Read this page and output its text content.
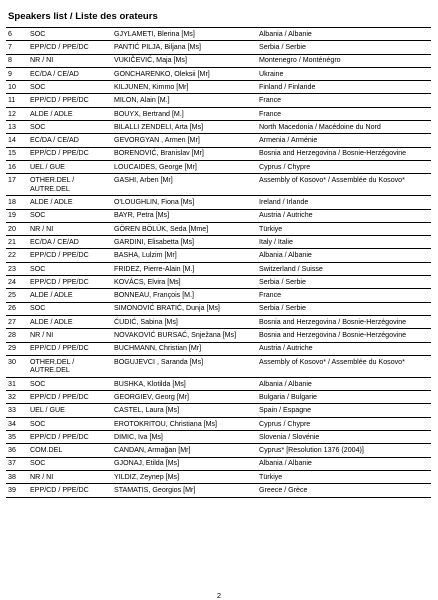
Speakers list / Liste des orateurs
6	SOC	GJYLAMETI, Blerina [Ms]	Albania / Albanie
7	EPP/CD / PPE/DC	PANTIĆ PILJA, Biljana [Ms]	Serbia / Serbie
8	NR / NI	VUKIČEVIĆ, Maja [Ms]	Montenegro / Monténégro
9	EC/DA / CE/AD	GONCHARENKO, Oleksii [Mr]	Ukraine
10	SOC	KILJUNEN, Kimmo [Mr]	Finland / Finlande
11	EPP/CD / PPE/DC	MILON, Alain [M.]	France
12	ALDE / ADLE	BOUYX, Bertrand [M.]	France
13	SOC	BILALLI ZENDELI, Arta [Ms]	North Macedonia / Macédoine du Nord
14	EC/DA / CE/AD	GEVORGYAN , Armen [Mr]	Armenia / Arménie
15	EPP/CD / PPE/DC	BORENOVIĆ, Branislav [Mr]	Bosnia and Herzegovina / Bosnie-Herzégovine
16	UEL / GUE	LOUCAIDES, George [Mr]	Cyprus / Chypre
17	OTHER.DEL / AUTRE.DEL	GASHI, Arben [Mr]	Assembly of Kosovo* / Assemblée du Kosovo*
18	ALDE / ADLE	O'LOUGHLIN, Fiona [Ms]	Ireland / Irlande
19	SOC	BAYR, Petra [Ms]	Austria / Autriche
20	NR / NI	GÖREN BÖLÜK, Seda [Mme]	Türkiye
21	EC/DA / CE/AD	GARDINI, Elisabetta [Ms]	Italy / Italie
22	EPP/CD / PPE/DC	BASHA, Lulzim [Mr]	Albania / Albanie
23	SOC	FRIDEZ, Pierre-Alain [M.]	Switzerland / Suisse
24	EPP/CD / PPE/DC	KOVÁCS, Elvira [Ms]	Serbia / Serbie
25	ALDE / ADLE	BONNEAU, François [M.]	France
26	SOC	SIMONOVIĆ BRATIĆ, Dunja [Ms]	Serbia / Serbie
27	ALDE / ADLE	ĆUDIĆ, Sabina [Ms]	Bosnia and Herzegovina / Bosnie-Herzégovine
28	NR / NI	NOVAKOVIĆ BURSAĆ, Snježana [Ms]	Bosnia and Herzegovina / Bosnie-Herzégovine
29	EPP/CD / PPE/DC	BUCHMANN, Christian [Mr]	Austria / Autriche
30	OTHER.DEL / AUTRE.DEL	BOGUJEVCI , Saranda [Ms]	Assembly of Kosovo* / Assemblée du Kosovo*
31	SOC	BUSHKA, Klotilda [Ms]	Albania / Albanie
32	EPP/CD / PPE/DC	GEORGIEV, Georg [Mr]	Bulgaria / Bulgarie
33	UEL / GUE	CASTEL, Laura [Ms]	Spain / Espagne
34	SOC	EROTOKRITOU, Christiana [Ms]	Cyprus / Chypre
35	EPP/CD / PPE/DC	DIMIC, Iva [Ms]	Slovenia / Slovénie
36	COM.DEL	CANDAN, Armağan [Mr]	Cyprus* [Resolution 1376 (2004)]
37	SOC	GJONAJ, Etilda [Ms]	Albania / Albanie
38	NR / NI	YILDIZ, Zeynep [Ms]	Türkiye
39	EPP/CD / PPE/DC	STAMATIS, Georgios [Mr]	Greece / Grèce
2
